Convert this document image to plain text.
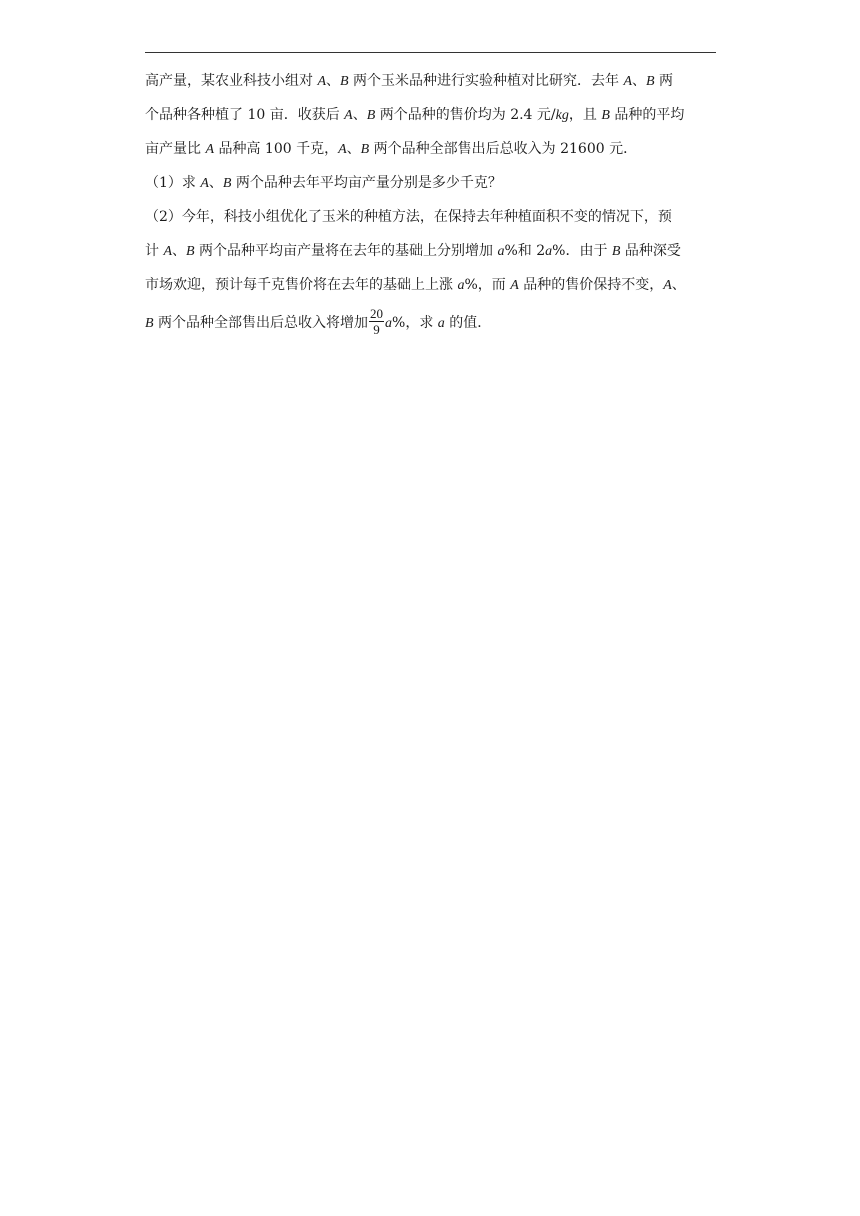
高产量，某农业科技小组对 A、B 两个玉米品种进行实验种植对比研究．去年 A、B 两
个品种各种植了 10 亩．收获后 A、B 两个品种的售价均为 2.4 元/kg，且 B 品种的平均
亩产量比 A 品种高 100 千克，A、B 两个品种全部售出后总收入为 21600 元．
（1）求 A、B 两个品种去年平均亩产量分别是多少千克？
（2）今年，科技小组优化了玉米的种植方法，在保持去年种植面积不变的情况下，预
计 A、B 两个品种平均亩产量将在去年的基础上分别增加 a%和 2a%．由于 B 品种深受
市场欢迎，预计每千克售价将在去年的基础上上涨 a%，而 A 品种的售价保持不变，A、
B 两个品种全部售出后总收入将增加 $\frac{20}{9} a\%$，求 a 的值．
